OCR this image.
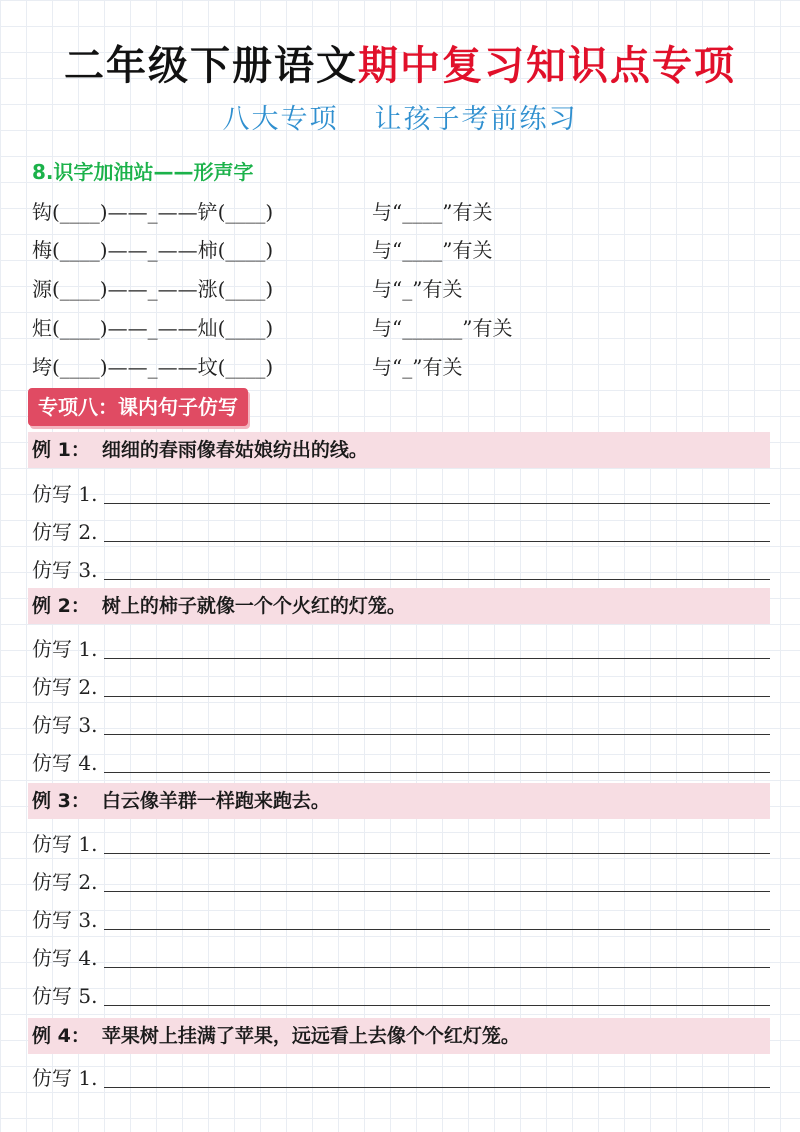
二年级下册语文期中复习知识点专项
八大专项 让孩子考前练习
8.识字加油站——形声字
钩(____)——_——铲(____)	与“____”有关
梅(____)——_——柿(____)	与“____”有关
源(____)——_——涨(____)	与“_”有关
炬(____)——_——灿(____)	与“______”有关
垮(____)——_——坟(____)	与“_”有关
专项八：课内句子仿写
例 1： 细细的春雨像春姑娘纺出的线。
仿写 1.
仿写 2.
仿写 3.
例 2： 树上的柿子就像一个个火红的灯笼。
仿写 1.
仿写 2.
仿写 3.
仿写 4.
例 3： 白云像羊群一样跑来跑去。
仿写 1.
仿写 2.
仿写 3.
仿写 4.
仿写 5.
例 4： 苹果树上挂满了苹果，远远看上去像个个红灯笼。
仿写 1.
